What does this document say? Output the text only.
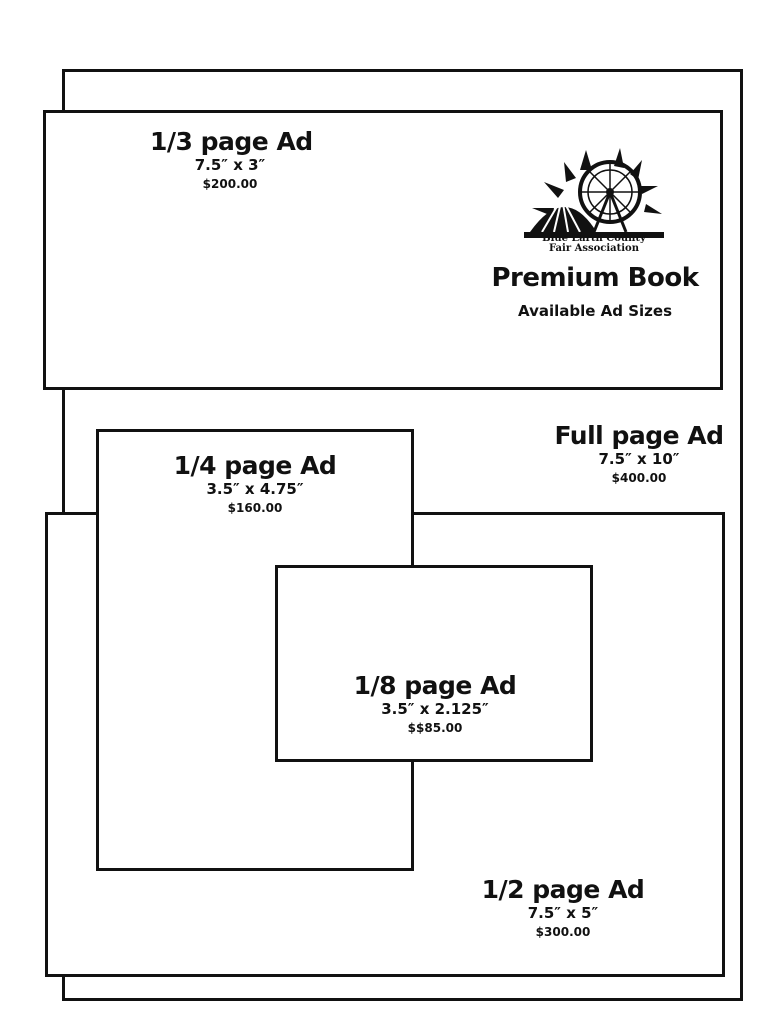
1/3 page Ad
7.5″ x 3″
$200.00
Blue Earth County
Fair Association
Premium Book
Available Ad Sizes
Full page Ad
7.5″ x 10″
$400.00
1/4 page Ad
3.5″ x 4.75″
$160.00
1/8 page Ad
3.5″ x 2.125″
$$85.00
1/2 page Ad
7.5″ x 5″
$300.00
